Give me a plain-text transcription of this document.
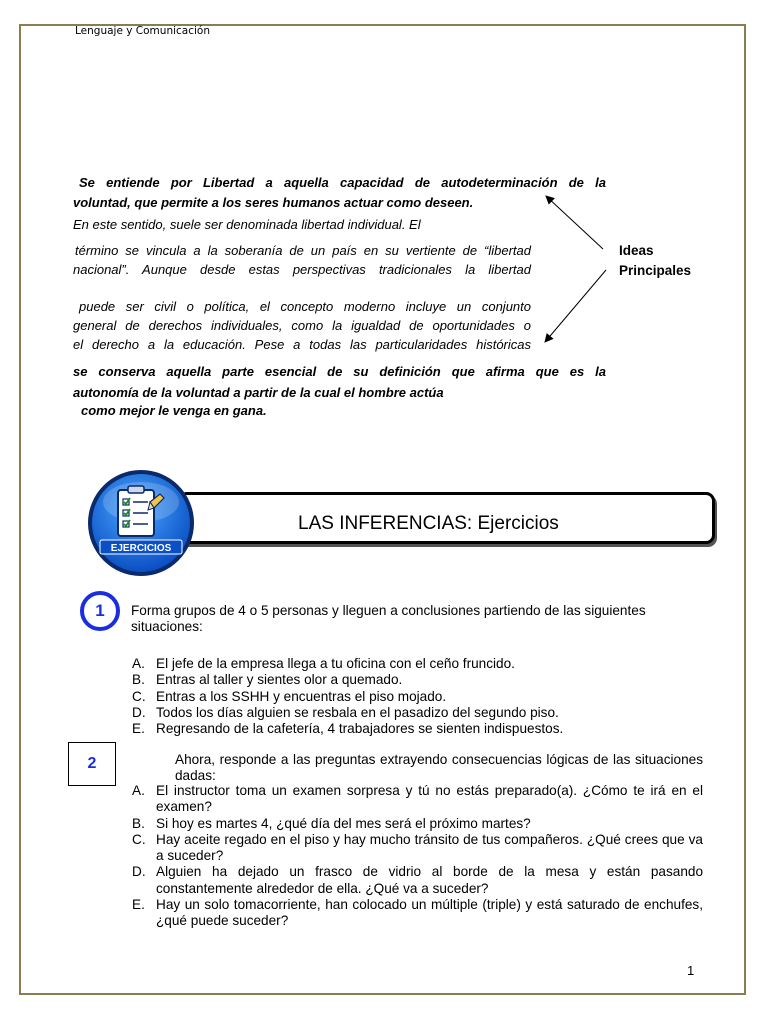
Lenguaje y Comunicación
Se entiende por Libertad a aquella capacidad de autodeterminación de la
voluntad, que permite a los seres humanos actuar como deseen.
En este sentido, suele ser denominada libertad individual. El
término se vincula a la soberanía de un país en su vertiente de “libertad
nacional”. Aunque desde estas perspectivas tradicionales la libertad
puede ser civil o política, el concepto moderno incluye un conjunto
general de derechos individuales, como la igualdad de oportunidades o
el derecho a la educación. Pese a todas las particularidades históricas
se conserva aquella parte esencial de su definición que afirma que es la
autonomía de la voluntad a partir de la cual el hombre actúa
como mejor le venga en gana.
Ideas
Principales
LAS INFERENCIAS: Ejercicios
EJERCICIOS
1	Forma grupos de 4 o 5 personas y lleguen a conclusiones partiendo de las siguientes situaciones:
A. El jefe de la empresa llega a tu oficina con el ceño fruncido.
B. Entras al taller y sientes olor a quemado.
C. Entras a los SSHH y encuentras el piso mojado.
D. Todos los días alguien se resbala en el pasadizo del segundo piso.
E. Regresando de la cafetería, 4 trabajadores se sienten indispuestos.
2	Ahora, responde a las preguntas extrayendo consecuencias lógicas de las situaciones dadas:
A. El instructor toma un examen sorpresa y tú no estás preparado(a). ¿Cómo te irá en el examen?
B. Si hoy es martes 4, ¿qué día del mes será el próximo martes?
C. Hay aceite regado en el piso y hay mucho tránsito de tus compañeros. ¿Qué crees que va a suceder?
D. Alguien ha dejado un frasco de vidrio al borde de la mesa y están pasando constantemente alrededor de ella. ¿Qué va a suceder?
E. Hay un solo tomacorriente, han colocado un múltiple (triple) y está saturado de enchufes, ¿qué puede suceder?
1
